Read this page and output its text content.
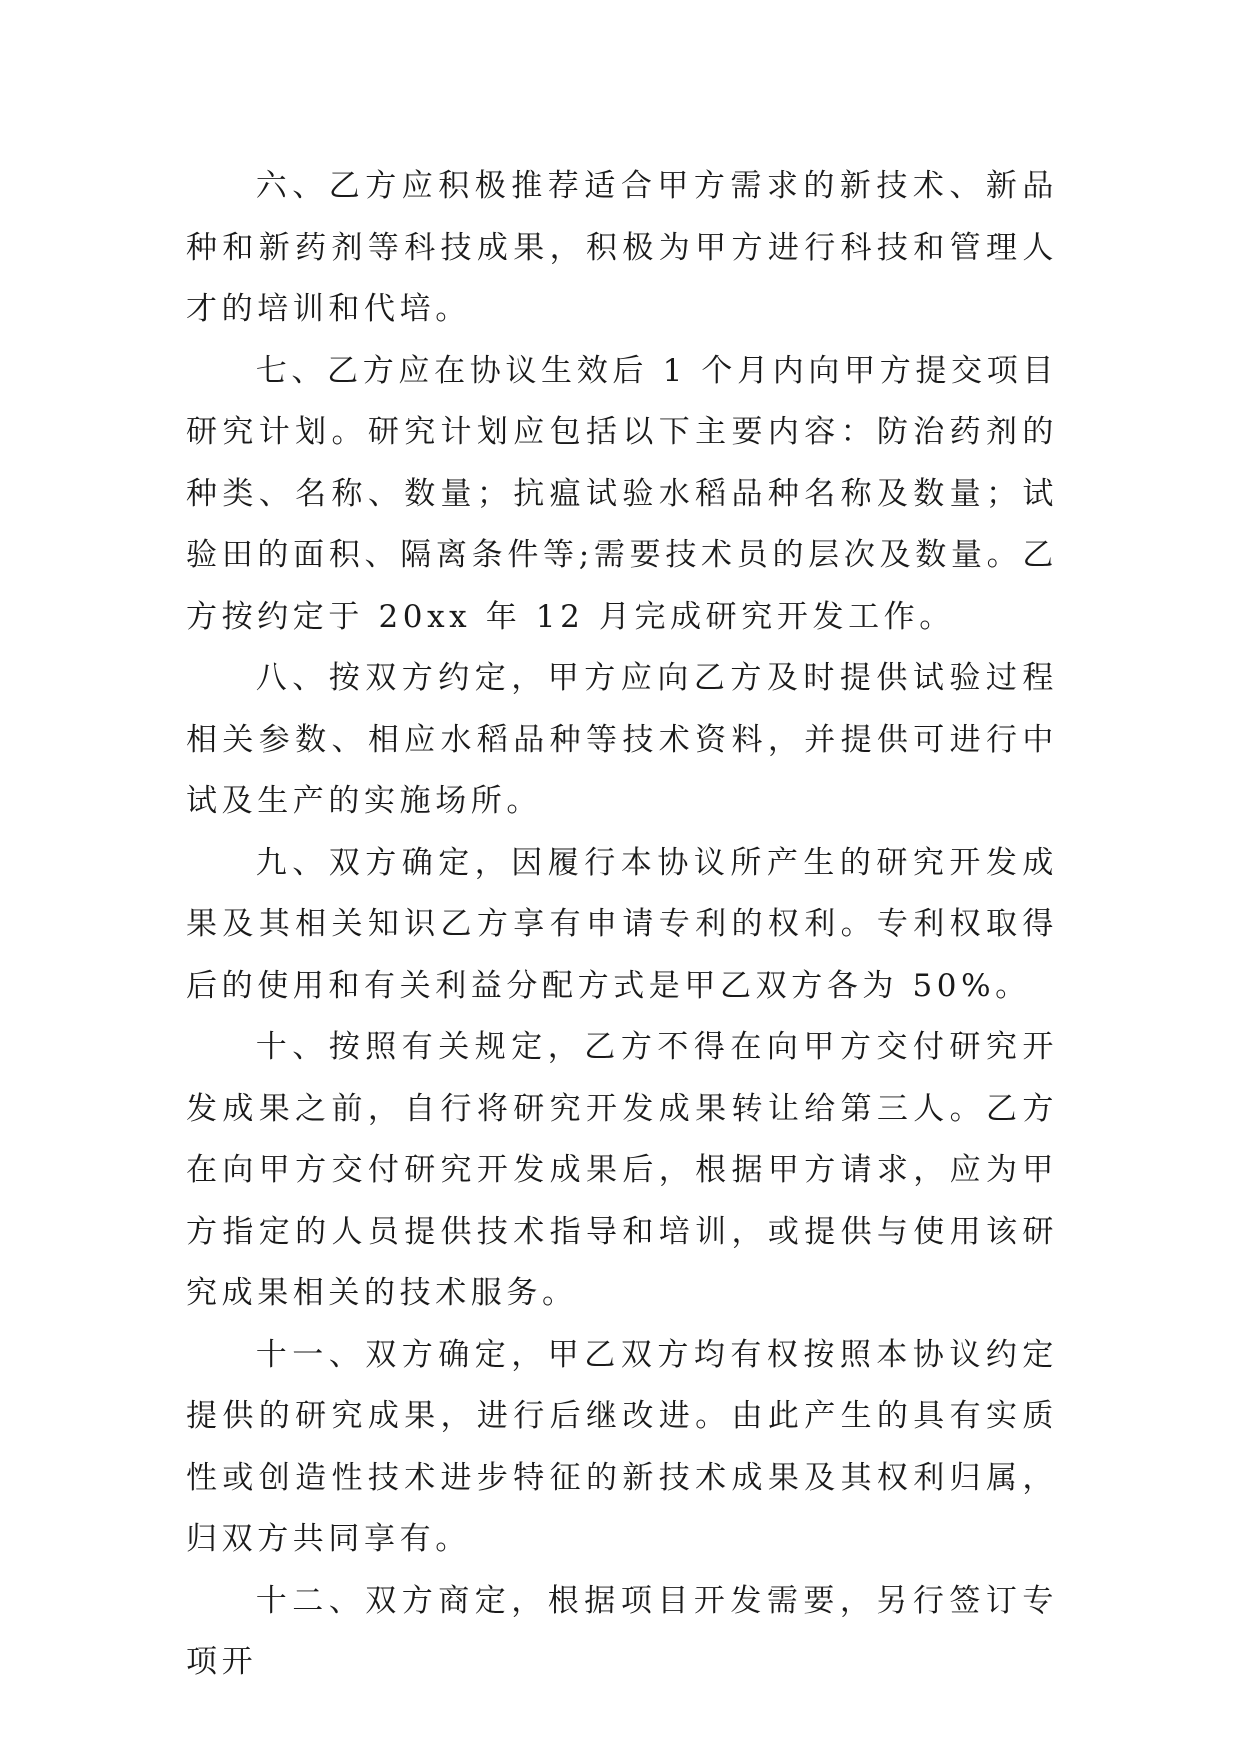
六、乙方应积极推荐适合甲方需求的新技术、新品种和新药剂等科技成果，积极为甲方进行科技和管理人才的培训和代培。

七、乙方应在协议生效后 1 个月内向甲方提交项目研究计划。研究计划应包括以下主要内容：防治药剂的种类、名称、数量；抗瘟试验水稻品种名称及数量；试验田的面积、隔离条件等;需要技术员的层次及数量。乙方按约定于 20xx 年 12 月完成研究开发工作。

八、按双方约定，甲方应向乙方及时提供试验过程相关参数、相应水稻品种等技术资料，并提供可进行中试及生产的实施场所。

九、双方确定，因履行本协议所产生的研究开发成果及其相关知识乙方享有申请专利的权利。专利权取得后的使用和有关利益分配方式是甲乙双方各为 50%。

十、按照有关规定，乙方不得在向甲方交付研究开发成果之前，自行将研究开发成果转让给第三人。乙方在向甲方交付研究开发成果后，根据甲方请求，应为甲方指定的人员提供技术指导和培训，或提供与使用该研究成果相关的技术服务。

十一、双方确定，甲乙双方均有权按照本协议约定提供的研究成果，进行后继改进。由此产生的具有实质性或创造性技术进步特征的新技术成果及其权利归属，归双方共同享有。

十二、双方商定，根据项目开发需要，另行签订专项开
